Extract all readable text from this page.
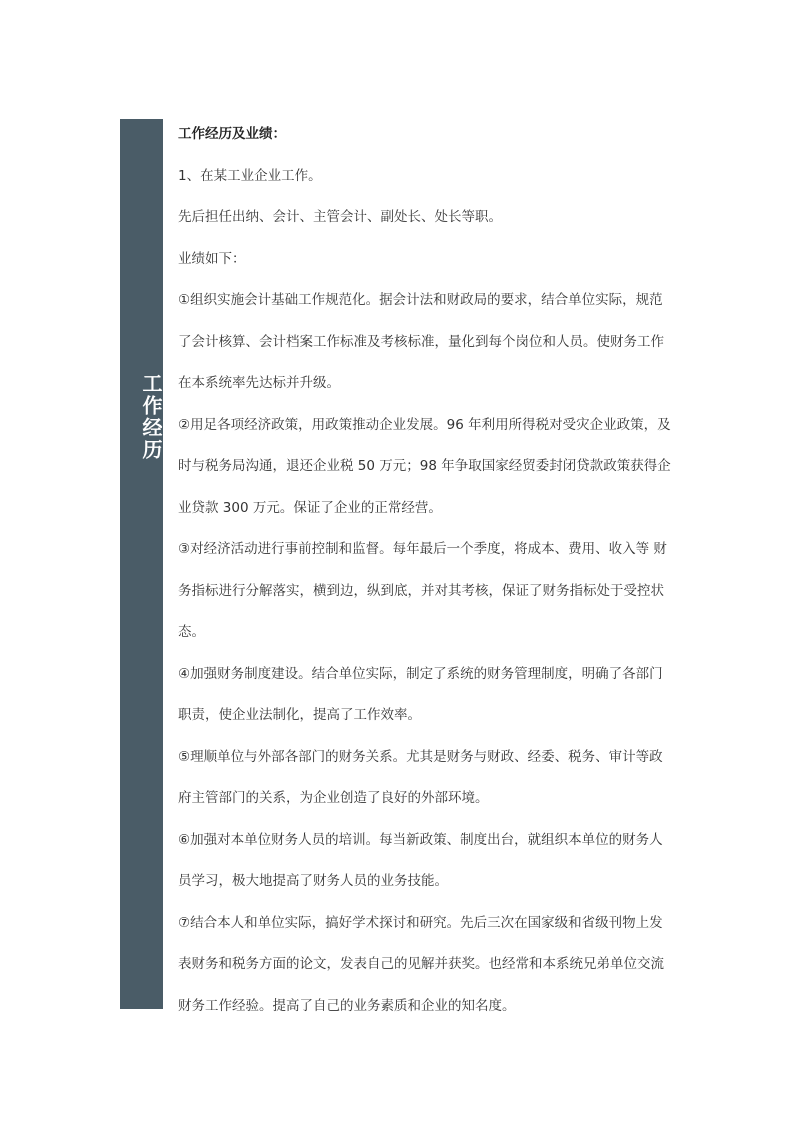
工作经历

工作经历及业绩：

1、在某工业企业工作。

先后担任出纳、会计、主管会计、副处长、处长等职。

业绩如下：

①组织实施会计基础工作规范化。据会计法和财政局的要求，结合单位实际，规范

了会计核算、会计档案工作标准及考核标准，量化到每个岗位和人员。使财务工作

在本系统率先达标并升级。

②用足各项经济政策，用政策推动企业发展。96 年利用所得税对受灾企业政策，及

时与税务局沟通，退还企业税 50 万元；98 年争取国家经贸委封闭贷款政策获得企

业贷款 300 万元。保证了企业的正常经营。

③对经济活动进行事前控制和监督。每年最后一个季度，将成本、费用、收入等 财

务指标进行分解落实，横到边，纵到底，并对其考核，保证了财务指标处于受控状

态。

④加强财务制度建设。结合单位实际，制定了系统的财务管理制度，明确了各部门

职责，使企业法制化，提高了工作效率。

⑤理顺单位与外部各部门的财务关系。尤其是财务与财政、经委、税务、审计等政

府主管部门的关系，为企业创造了良好的外部环境。

⑥加强对本单位财务人员的培训。每当新政策、制度出台，就组织本单位的财务人

员学习，极大地提高了财务人员的业务技能。

⑦结合本人和单位实际，搞好学术探讨和研究。先后三次在国家级和省级刊物上发

表财务和税务方面的论文，发表自己的见解并获奖。也经常和本系统兄弟单位交流

财务工作经验。提高了自己的业务素质和企业的知名度。
